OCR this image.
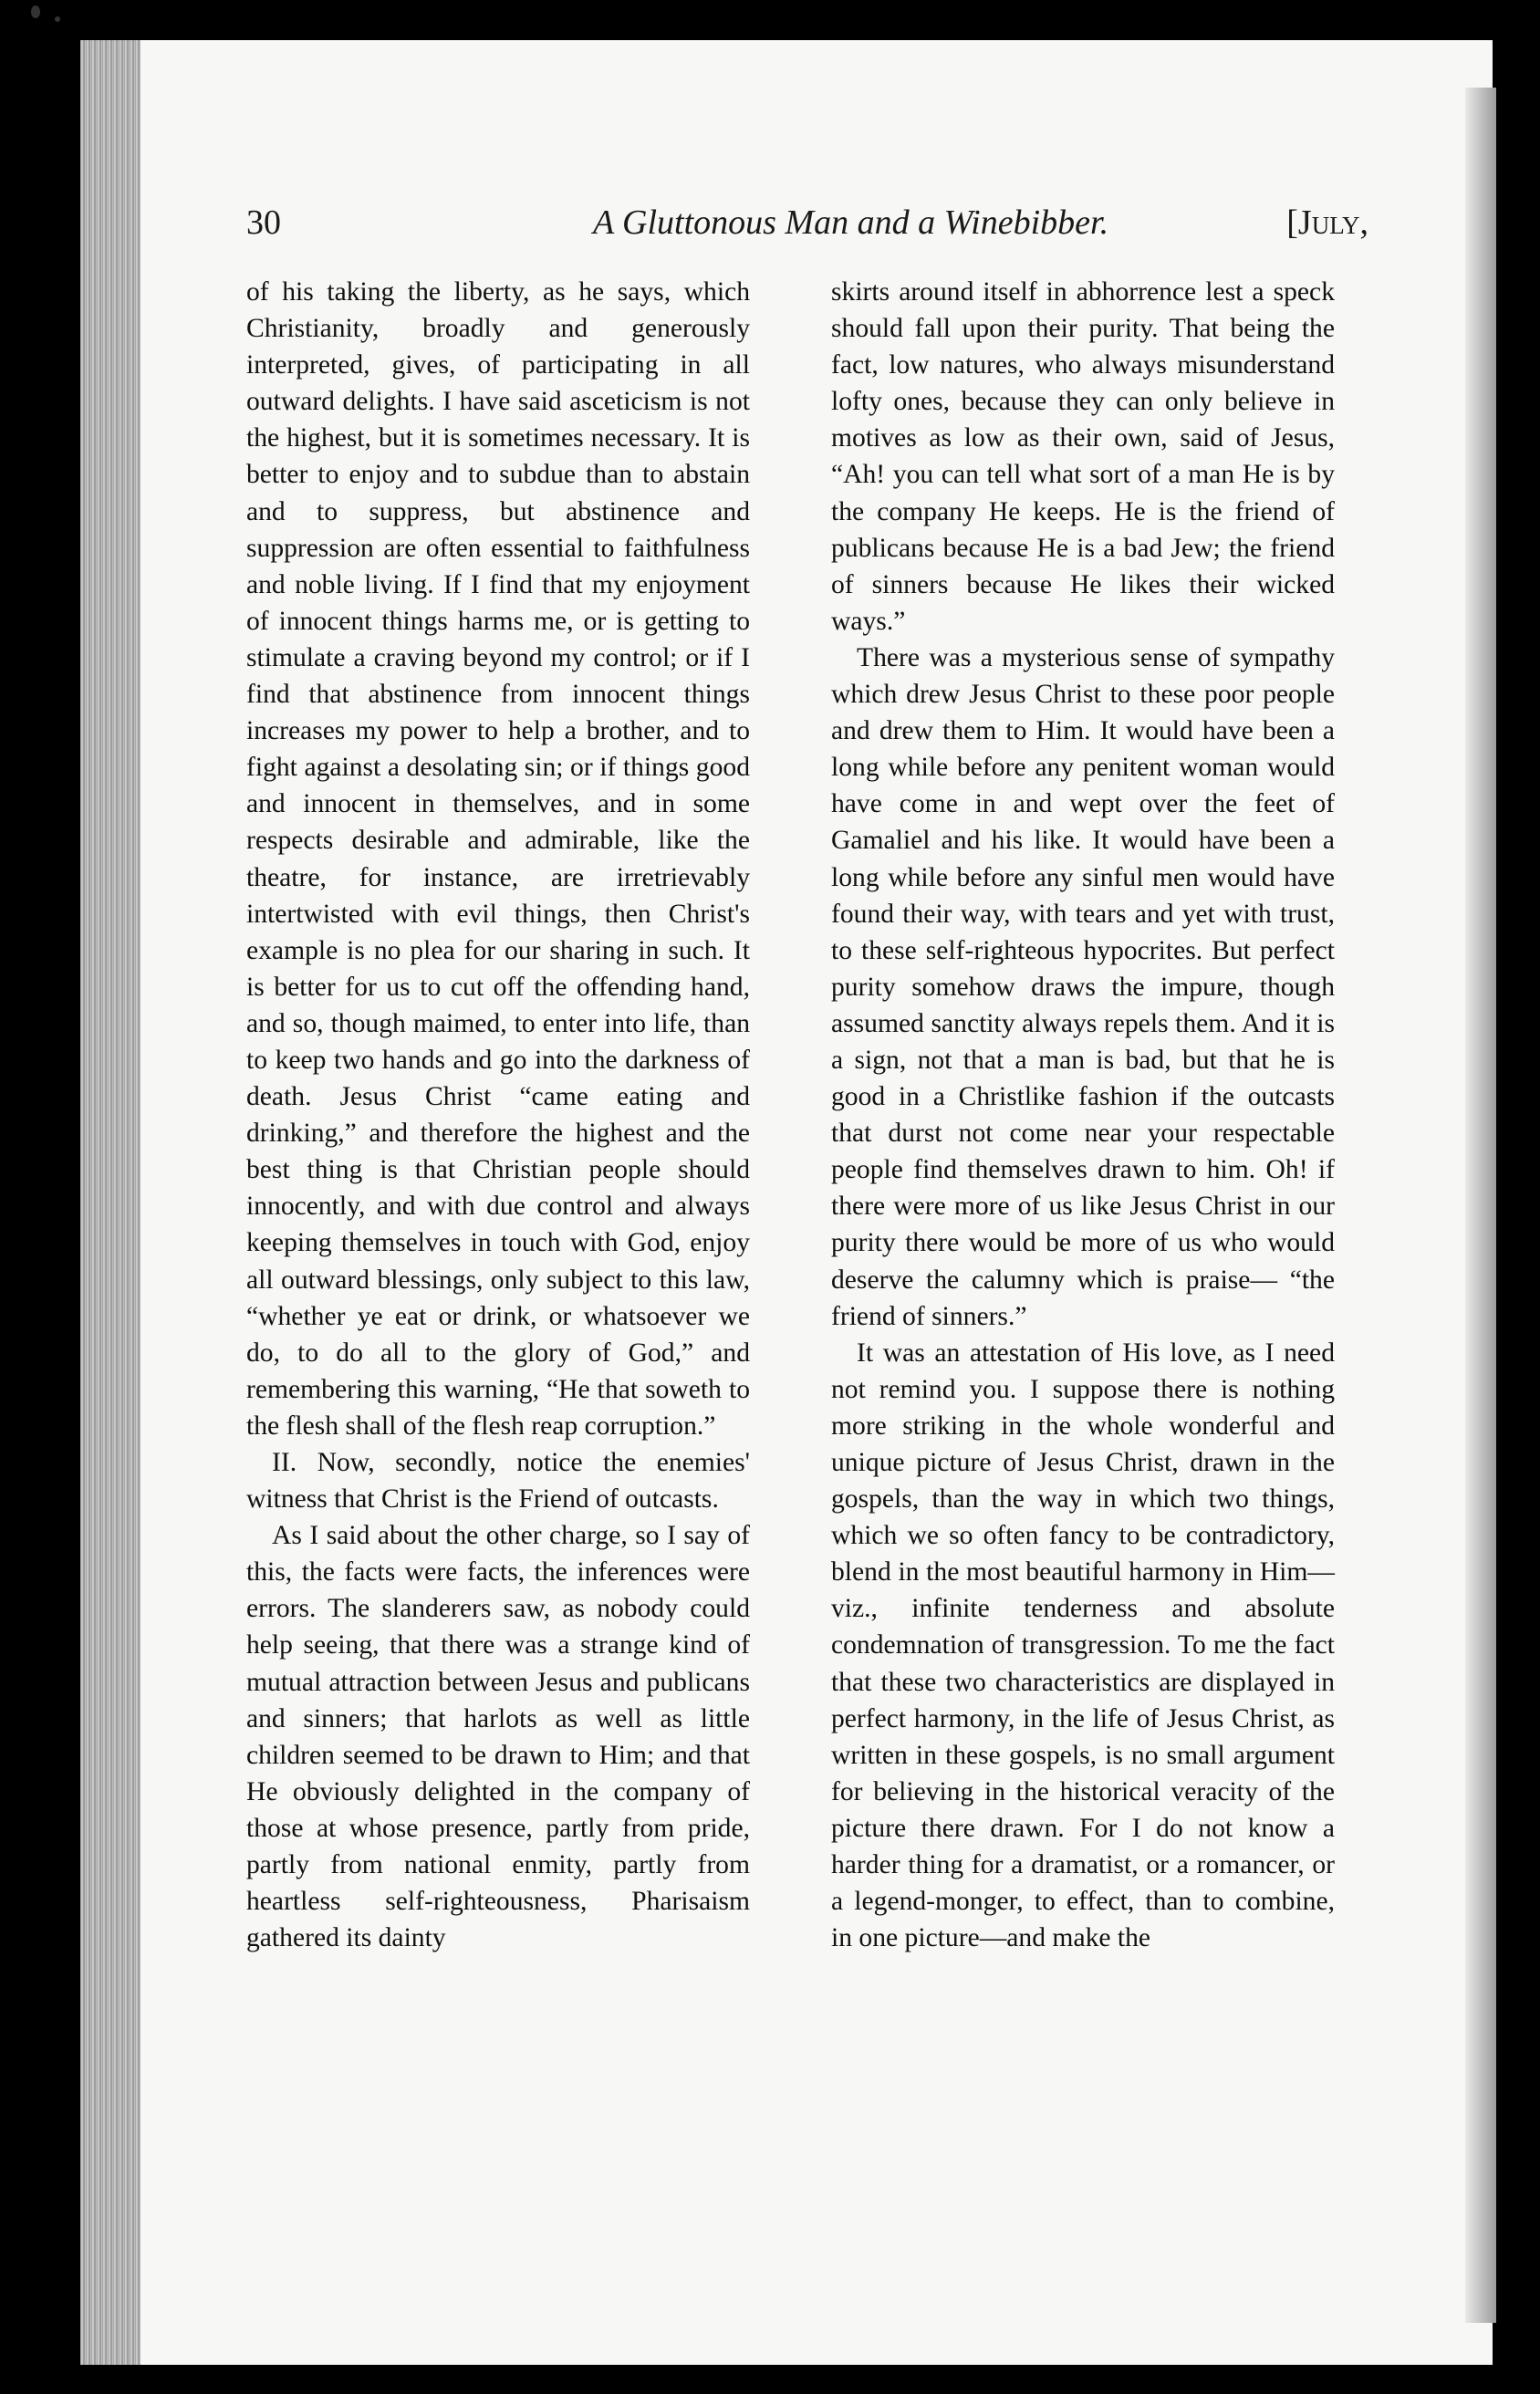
30	A Gluttonous Man and a Winebibber.	[July,

of his taking the liberty, as he says, which Christianity, broadly and generously interpreted, gives, of participating in all outward delights. I have said asceticism is not the highest, but it is sometimes necessary. It is better to enjoy and to subdue than to abstain and to suppress, but abstinence and suppression are often essential to faithfulness and noble living. If I find that my enjoyment of innocent things harms me, or is getting to stimulate a craving beyond my control; or if I find that abstinence from innocent things increases my power to help a brother, and to fight against a desolating sin; or if things good and innocent in themselves, and in some respects desirable and admirable, like the theatre, for instance, are irretrievably intertwisted with evil things, then Christ's example is no plea for our sharing in such. It is better for us to cut off the offending hand, and so, though maimed, to enter into life, than to keep two hands and go into the darkness of death. Jesus Christ “came eating and drinking,” and therefore the highest and the best thing is that Christian people should innocently, and with due control and always keeping themselves in touch with God, enjoy all outward blessings, only subject to this law, “whether ye eat or drink, or whatsoever we do, to do all to the glory of God,” and remembering this warning, “He that soweth to the flesh shall of the flesh reap corruption.”

II. Now, secondly, notice the enemies' witness that Christ is the Friend of outcasts.

As I said about the other charge, so I say of this, the facts were facts, the inferences were errors. The slanderers saw, as nobody could help seeing, that there was a strange kind of mutual attraction between Jesus and publicans and sinners; that harlots as well as little children seemed to be drawn to Him; and that He obviously delighted in the company of those at whose presence, partly from pride, partly from national enmity, partly from heartless self-righteousness, Pharisaism gathered its dainty

skirts around itself in abhorrence lest a speck should fall upon their purity. That being the fact, low natures, who always misunderstand lofty ones, because they can only believe in motives as low as their own, said of Jesus, “Ah! you can tell what sort of a man He is by the company He keeps. He is the friend of publicans because He is a bad Jew; the friend of sinners because He likes their wicked ways.”

There was a mysterious sense of sympathy which drew Jesus Christ to these poor people and drew them to Him. It would have been a long while before any penitent woman would have come in and wept over the feet of Gamaliel and his like. It would have been a long while before any sinful men would have found their way, with tears and yet with trust, to these self-righteous hypocrites. But perfect purity somehow draws the impure, though assumed sanctity always repels them. And it is a sign, not that a man is bad, but that he is good in a Christlike fashion if the outcasts that durst not come near your respectable people find themselves drawn to him. Oh! if there were more of us like Jesus Christ in our purity there would be more of us who would deserve the calumny which is praise— “the friend of sinners.”

It was an attestation of His love, as I need not remind you. I suppose there is nothing more striking in the whole wonderful and unique picture of Jesus Christ, drawn in the gospels, than the way in which two things, which we so often fancy to be contradictory, blend in the most beautiful harmony in Him—viz., infinite tenderness and absolute condemnation of transgression. To me the fact that these two characteristics are displayed in perfect harmony, in the life of Jesus Christ, as written in these gospels, is no small argument for believing in the historical veracity of the picture there drawn. For I do not know a harder thing for a dramatist, or a romancer, or a legend-monger, to effect, than to combine, in one picture—and make the
